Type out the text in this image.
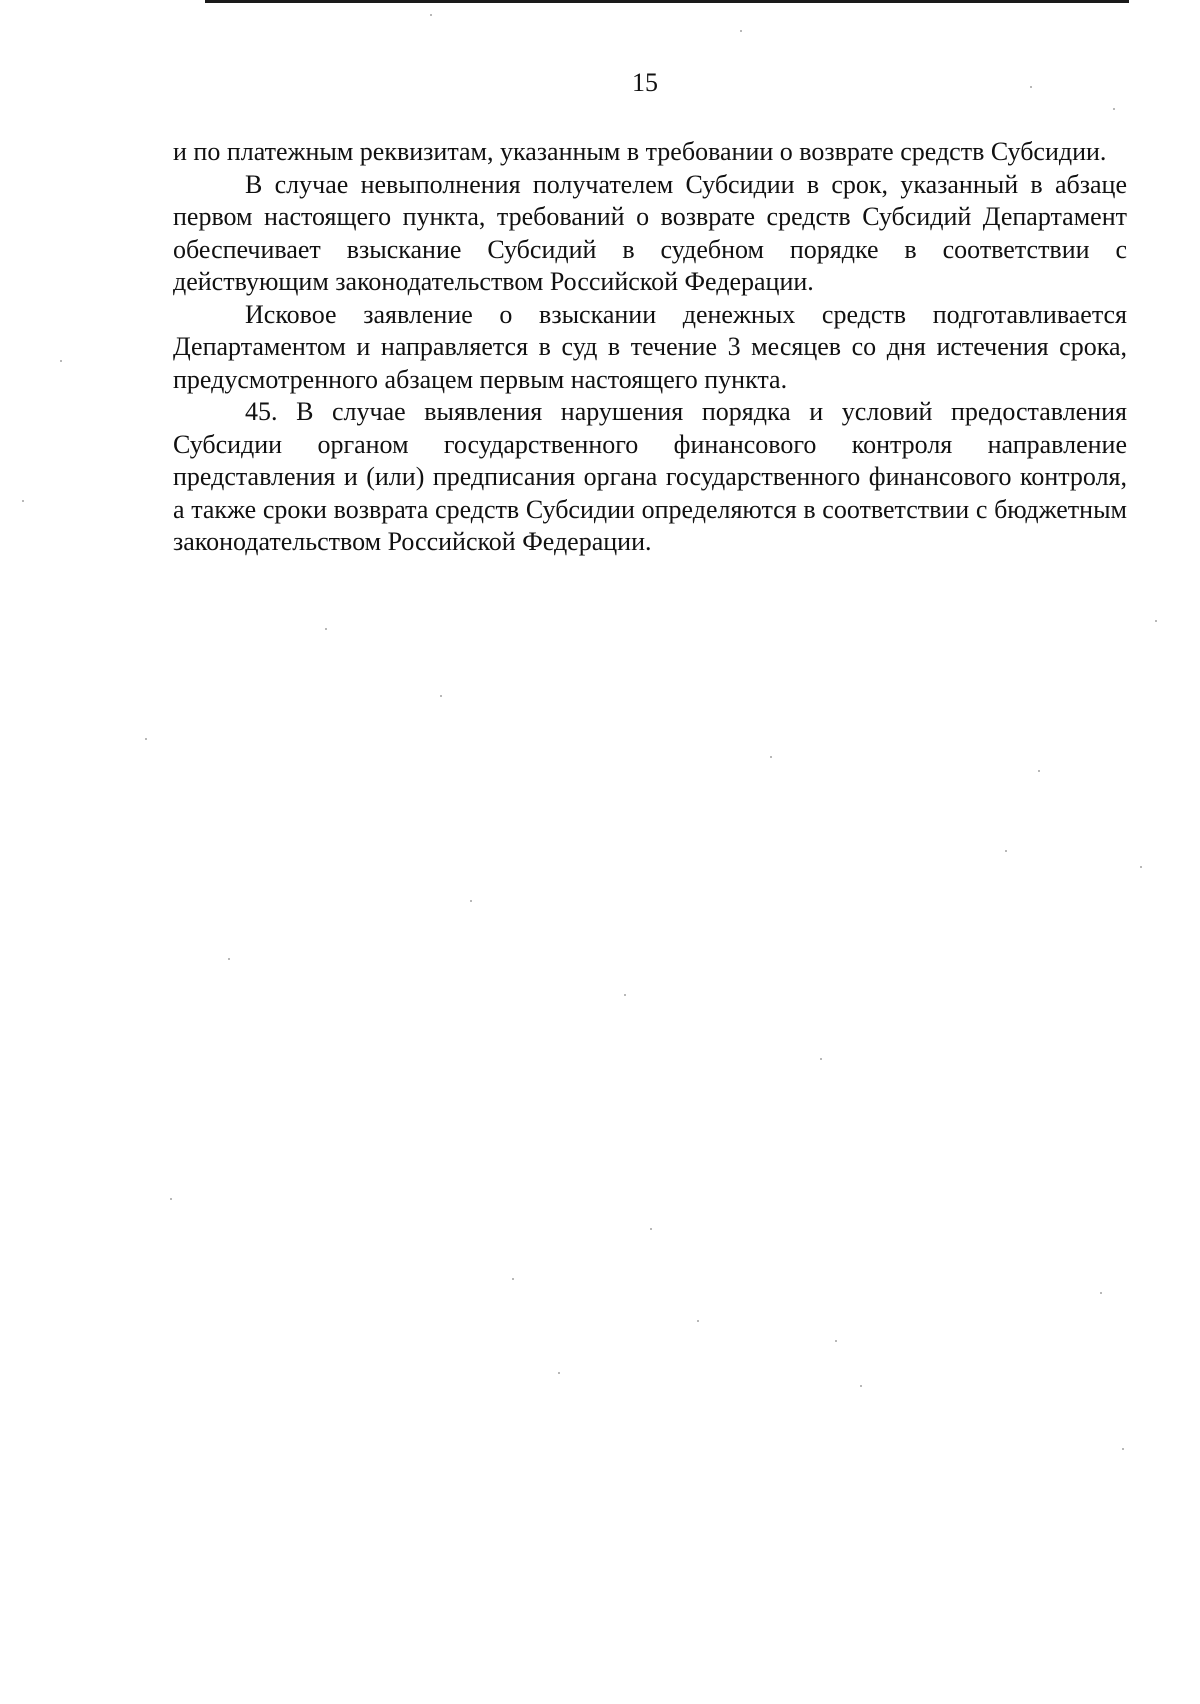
15

и по платежным реквизитам, указанным в требовании о возврате средств Субсидии.

В случае невыполнения получателем Субсидии в срок, указанный в абзаце первом настоящего пункта, требований о возврате средств Субсидий Департамент обеспечивает взыскание Субсидий в судебном порядке в соответствии с действующим законодательством Российской Федерации.

Исковое заявление о взыскании денежных средств подготавливается Департаментом и направляется в суд в течение 3 месяцев со дня истечения срока, предусмотренного абзацем первым настоящего пункта.

45. В случае выявления нарушения порядка и условий предоставления Субсидии органом государственного финансового контроля направление представления и (или) предписания органа государственного финансового контроля, а также сроки возврата средств Субсидии определяются в соответствии с бюджетным законодательством Российской Федерации.
